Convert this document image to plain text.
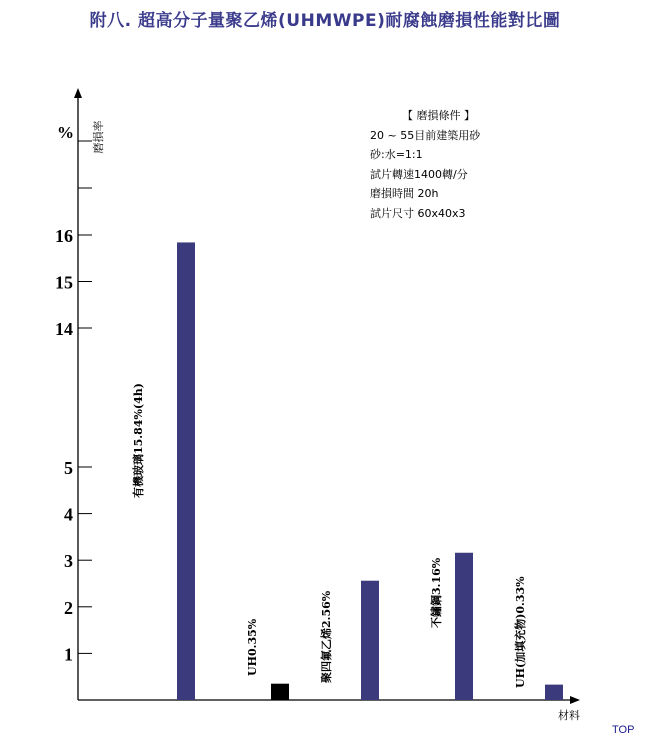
附八. 超高分子量聚乙烯(UHMWPE)耐腐蝕磨損性能對比圖
1
2
3
4
5
14
15
16
有機玻璃15.84%(4h)
UH0.35%	聚四氟乙烯2.56%	不鏽鋼3.16%	UH(加填充物)0.33%
磨損率
%
材料
【 磨損條件 】
20 ~ 55目前建築用砂
砂:水=1:1
試片轉速1400轉/分
磨損時間 20h
試片尺寸 60x40x3
TOP
